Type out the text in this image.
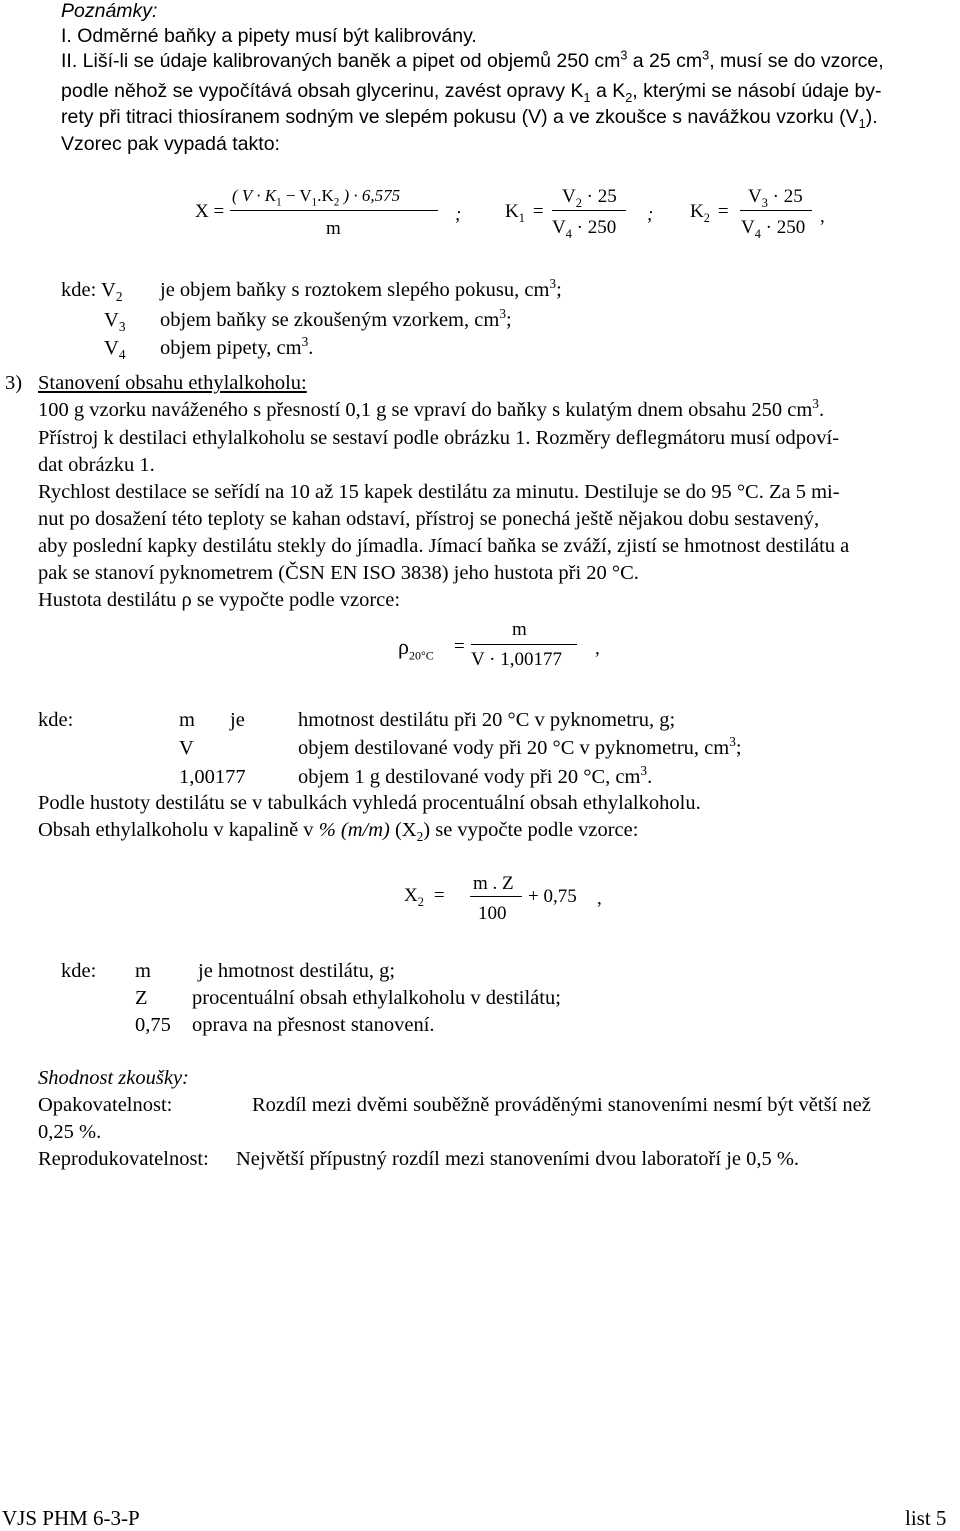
Poznámky:
I. Odměrné baňky a pipety musí být kalibrovány.
II. Liší-li se údaje kalibrovaných baněk a pipet od objemů 250 $cm^3$ a 25 $cm^3$, musí se do vzorce,
podle něhož se vypočítává obsah glycerinu, zavést opravy $K_1$ a $K_2$, kterými se násobí údaje by-
rety při titraci thiosíranem sodným ve slepém pokusu (V) a ve zkoušce s navážkou vzorku $(V_1)$.
Vzorec pak vypadá takto:
X =
( $V \cdot K_1 - V_1.K_2$ ) · 6,575
m
; $K_1$ =
$V_2 \cdot 25$
$V_4 \cdot 250$
; $K_2$ =
$V_3 \cdot 25$
$V_4 \cdot 250$
,
kde: $V_2$ je objem baňky s roztokem slepého pokusu, $cm^3$;
$V_3$ objem baňky se zkoušeným vzorkem, $cm^3$;
$V_4$ objem pipety, $cm^3$.
3) Stanovení obsahu ethylalkoholu:
100 g vzorku naváženého s přesností 0,1 g se vpraví do baňky s kulatým dnem obsahu 250 $cm^3$.
Přístroj k destilaci ethylalkoholu se sestaví podle obrázku 1. Rozměry deflegmátoru musí odpoví-
dat obrázku 1.
Rychlost destilace se seřídí na 10 až 15 kapek destilátu za minutu. Destiluje se do 95 °C. Za 5 mi-
nut po dosažení této teploty se kahan odstaví, přístroj se ponechá ještě nějakou dobu sestavený,
aby poslední kapky destilátu stekly do jímadla. Jímací baňka se zváží, zjistí se hmotnost destilátu a
pak se stanoví pyknometrem (ČSN EN ISO 3838) jeho hustota při 20 °C.
Hustota destilátu ρ se vypočte podle vzorce:
$\rho_{20^\circ C}$ =
m
V · 1,00177
,
kde:	m je	hmotnost destilátu při 20 °C v pyknometru, g;
V	objem destilované vody při 20 °C v pyknometru, $cm^3$;
1,00177	objem 1 g destilované vody při 20 °C, $cm^3$.
Podle hustoty destilátu se v tabulkách vyhledá procentuální obsah ethylalkoholu.
Obsah ethylalkoholu v kapalině v % (m/m) $(X_2)$ se vypočte podle vzorce:
$X_2$ =
m . Z
100
+ 0,75 ,
kde: m je hmotnost destilátu, g;
Z procentuální obsah ethylalkoholu v destilátu;
0,75 oprava na přesnost stanovení.
Shodnost zkoušky:
Opakovatelnost:	Rozdíl mezi dvěmi souběžně prováděnými stanoveními nesmí být větší než
0,25 %.
Reprodukovatelnost: Největší přípustný rozdíl mezi stanoveními dvou laboratoří je 0,5 %.
VJS PHM 6-3-P	list 5
